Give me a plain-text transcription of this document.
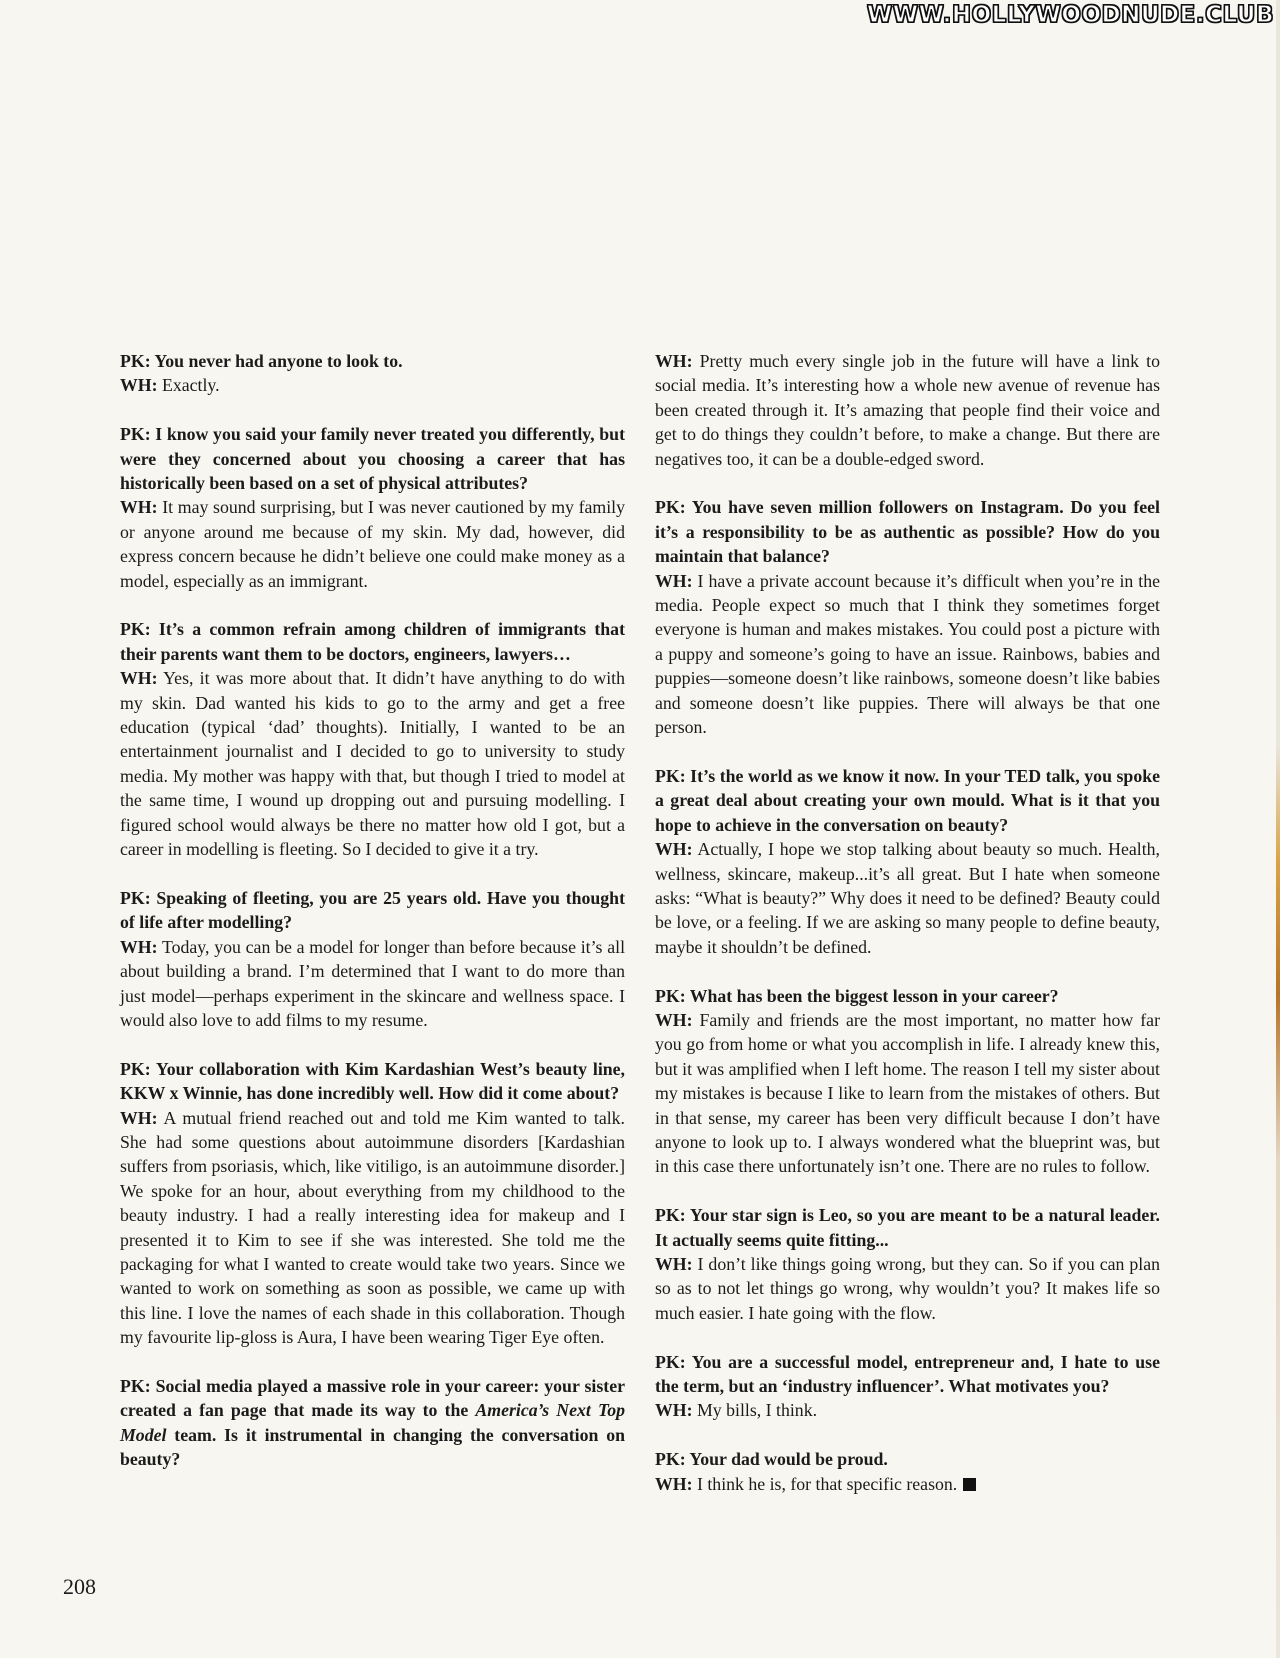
WWW.HOLLYWOODNUDE.CLUB

PK: You never had anyone to look to.

WH: Exactly.

PK: I know you said your family never treated you differently, but were they concerned about you choosing a career that has historically been based on a set of physical attributes?

WH: It may sound surprising, but I was never cautioned by my family or anyone around me because of my skin. My dad, however, did express concern because he didn’t believe one could make money as a model, especially as an immigrant.

PK: It’s a common refrain among children of immigrants that their parents want them to be doctors, engineers, lawyers…

WH: Yes, it was more about that. It didn’t have anything to do with my skin. Dad wanted his kids to go to the army and get a free education (typical ‘dad’ thoughts). Initially, I wanted to be an entertainment journalist and I decided to go to university to study media. My mother was happy with that, but though I tried to model at the same time, I wound up dropping out and pursuing modelling. I figured school would always be there no matter how old I got, but a career in modelling is fleeting. So I decided to give it a try.

PK: Speaking of fleeting, you are 25 years old. Have you thought of life after modelling?

WH: Today, you can be a model for longer than before because it’s all about building a brand. I’m determined that I want to do more than just model—perhaps experiment in the skincare and wellness space. I would also love to add films to my resume.

PK: Your collaboration with Kim Kardashian West’s beauty line, KKW x Winnie, has done incredibly well. How did it come about?

WH: A mutual friend reached out and told me Kim wanted to talk. She had some questions about autoimmune disorders [Kardashian suffers from psoriasis, which, like vitiligo, is an autoimmune disorder.] We spoke for an hour, about everything from my childhood to the beauty industry. I had a really interesting idea for makeup and I presented it to Kim to see if she was interested. She told me the packaging for what I wanted to create would take two years. Since we wanted to work on something as soon as possible, we came up with this line. I love the names of each shade in this collaboration. Though my favourite lip-gloss is Aura, I have been wearing Tiger Eye often.

PK: Social media played a massive role in your career: your sister created a fan page that made its way to the America’s Next Top Model team. Is it instrumental in changing the conversation on beauty?

WH: Pretty much every single job in the future will have a link to social media. It’s interesting how a whole new avenue of revenue has been created through it. It’s amazing that people find their voice and get to do things they couldn’t before, to make a change. But there are negatives too, it can be a double-edged sword.

PK: You have seven million followers on Instagram. Do you feel it’s a responsibility to be as authentic as possible? How do you maintain that balance?

WH: I have a private account because it’s difficult when you’re in the media. People expect so much that I think they sometimes forget everyone is human and makes mistakes. You could post a picture with a puppy and someone’s going to have an issue. Rainbows, babies and puppies—someone doesn’t like rainbows, someone doesn’t like babies and someone doesn’t like puppies. There will always be that one person.

PK: It’s the world as we know it now. In your TED talk, you spoke a great deal about creating your own mould. What is it that you hope to achieve in the conversation on beauty?

WH: Actually, I hope we stop talking about beauty so much. Health, wellness, skincare, makeup...it’s all great. But I hate when someone asks: “What is beauty?” Why does it need to be defined? Beauty could be love, or a feeling. If we are asking so many people to define beauty, maybe it shouldn’t be defined.

PK: What has been the biggest lesson in your career?

WH: Family and friends are the most important, no matter how far you go from home or what you accomplish in life. I already knew this, but it was amplified when I left home. The reason I tell my sister about my mistakes is because I like to learn from the mistakes of others. But in that sense, my career has been very difficult because I don’t have anyone to look up to. I always wondered what the blueprint was, but in this case there unfortunately isn’t one. There are no rules to follow.

PK: Your star sign is Leo, so you are meant to be a natural leader. It actually seems quite fitting...

WH: I don’t like things going wrong, but they can. So if you can plan so as to not let things go wrong, why wouldn’t you? It makes life so much easier. I hate going with the flow.

PK: You are a successful model, entrepreneur and, I hate to use the term, but an ‘industry influencer’. What motivates you?

WH: My bills, I think.

PK: Your dad would be proud.

WH: I think he is, for that specific reason.

208
